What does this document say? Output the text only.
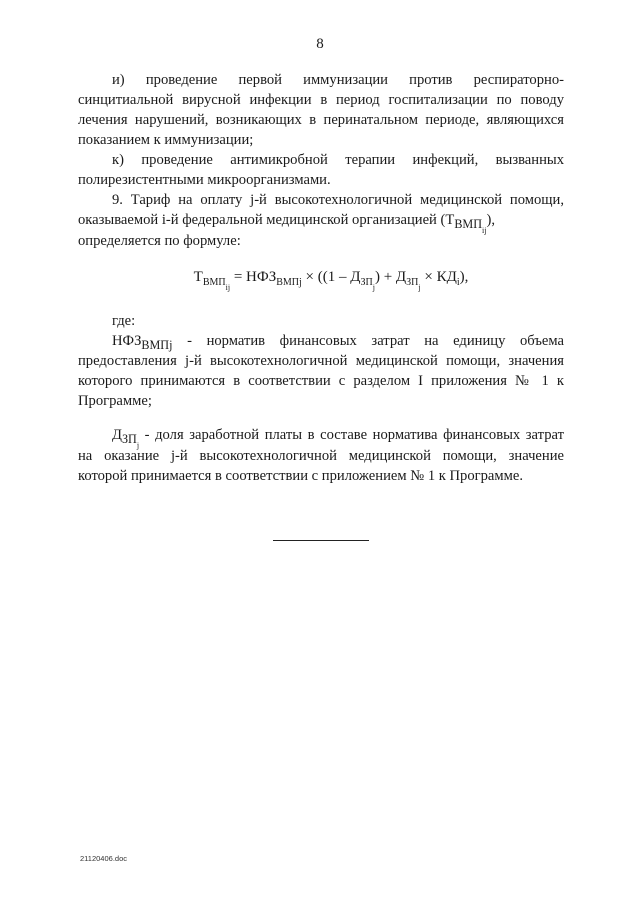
8

и) проведение первой иммунизации против респираторно-синцитиальной вирусной инфекции в период госпитализации по поводу лечения нарушений, возникающих в перинатальном периоде, являющихся показанием к иммунизации;

к) проведение антимикробной терапии инфекций, вызванных полирезистентными микроорганизмами.

9. Тариф на оплату j-й высокотехнологичной медицинской помощи, оказываемой i-й федеральной медицинской организацией $(Т_{ВМП_{ij}})$,

определяется по формуле:

$Т_{ВМП_{ij}} = НФЗ_{ВМПj} \times ((1 - Д_{ЗП_j}) + Д_{ЗП_j} \times КД_i)$,

где:

$НФЗ_{ВМПj}$ - норматив финансовых затрат на единицу объема предоставления j-й высокотехнологичной медицинской помощи, значения которого принимаются в соответствии с разделом I приложения № 1 к Программе;

$Д_{ЗП_j}$ - доля заработной платы в составе норматива финансовых затрат на оказание j-й высокотехнологичной медицинской помощи, значение которой принимается в соответствии с приложением № 1 к Программе.

21120406.doc
